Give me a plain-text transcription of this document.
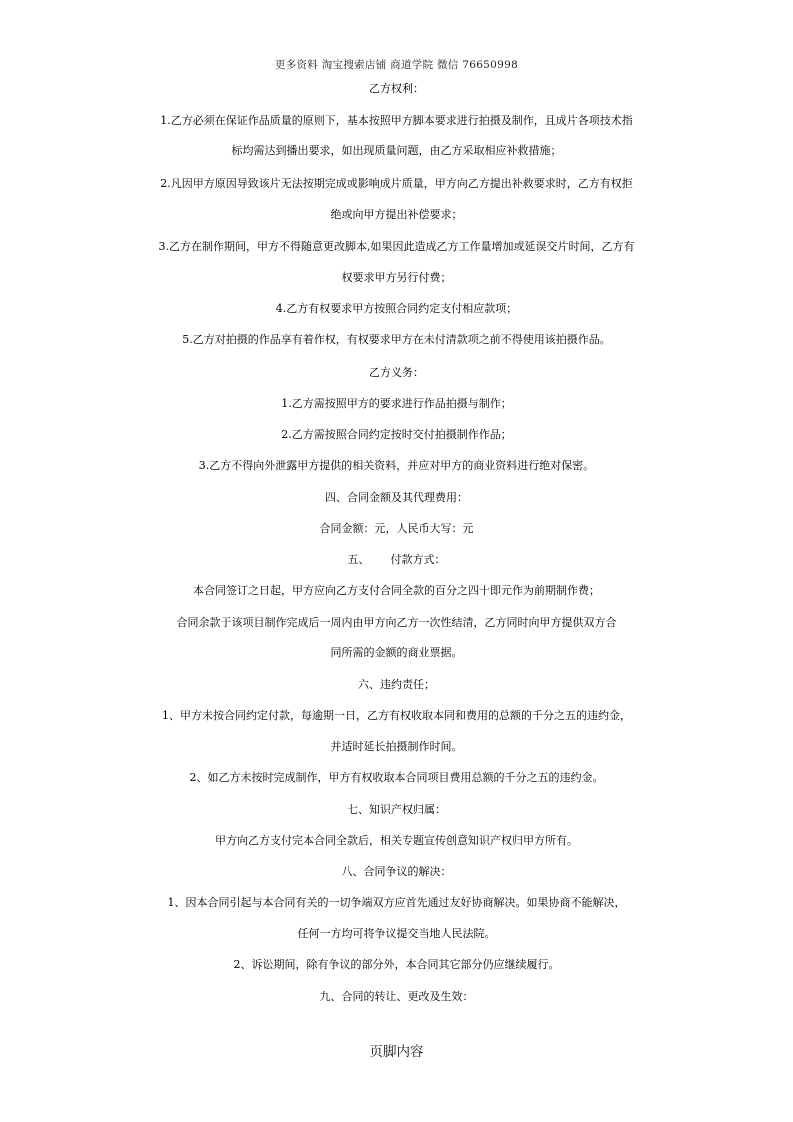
更多资料 淘宝搜索店铺 商道学院 微信 76650998
乙方权利：
1.乙方必须在保证作品质量的原则下，基本按照甲方脚本要求进行拍摄及制作，且成片各项技术指
标均需达到播出要求，如出现质量问题，由乙方采取相应补救措施；
2.凡因甲方原因导致该片无法按期完成或影响成片质量，甲方向乙方提出补救要求时，乙方有权拒
绝或向甲方提出补偿要求；
3.乙方在制作期间，甲方不得随意更改脚本,如果因此造成乙方工作量增加或延误交片时间，乙方有
权要求甲方另行付费；
4.乙方有权要求甲方按照合同约定支付相应款项；
5.乙方对拍摄的作品享有着作权，有权要求甲方在未付清款项之前不得使用该拍摄作品。
乙方义务：
1.乙方需按照甲方的要求进行作品拍摄与制作；
2.乙方需按照合同约定按时交付拍摄制作作品；
3.乙方不得向外泄露甲方提供的相关资料，并应对甲方的商业资料进行绝对保密。
四、合同金额及其代理费用：
合同金额：元，人民币大写：元
五、      付款方式：
本合同签订之日起，甲方应向乙方支付合同全款的百分之四十即元作为前期制作费；
合同余款于该项目制作完成后一周内由甲方向乙方一次性结清，乙方同时向甲方提供双方合
同所需的金额的商业票据。
六、违约责任；
1、甲方未按合同约定付款，每逾期一日，乙方有权收取本同和费用的总额的千分之五的违约金，
并适时延长拍摄制作时间。
2、如乙方未按时完成制作，甲方有权收取本合同项目费用总额的千分之五的违约金。
七、知识产权归属：
甲方向乙方支付完本合同全款后，相关专题宣传创意知识产权归甲方所有。
八、合同争议的解决：
1、因本合同引起与本合同有关的一切争端双方应首先通过友好协商解决。如果协商不能解决，
任何一方均可将争议提交当地人民法院。
2、诉讼期间，除有争议的部分外，本合同其它部分仍应继续履行。
九、合同的转让、更改及生效：
页脚内容
